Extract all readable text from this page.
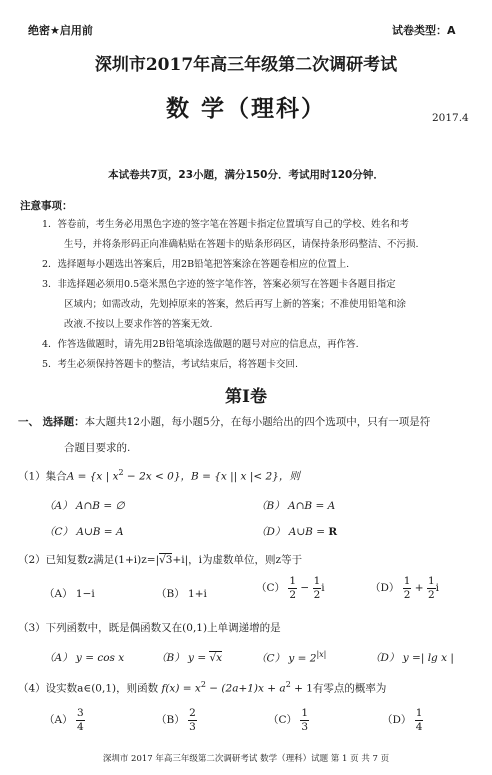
绝密★启用前	试卷类型：A
深圳市2017年高三年级第二次调研考试
数 学（理科）	2017.4
本试卷共7页，23小题，满分150分．考试用时120分钟．
注意事项：
1．答卷前，考生务必用黑色字迹的签字笔在答题卡指定位置填写自己的学校、姓名和考
生号，并将条形码正向准确粘贴在答题卡的贴条形码区，请保持条形码整洁、不污损.
2．选择题每小题选出答案后，用2B铅笔把答案涂在答题卷相应的位置上.
3．非选择题必须用0.5毫米黑色字迹的签字笔作答，答案必须写在答题卡各题目指定
区域内；如需改动，先划掉原来的答案，然后再写上新的答案；不准使用铅笔和涂
改液.不按以上要求作答的答案无效.
4．作答选做题时，请先用2B铅笔填涂选做题的题号对应的信息点，再作答.
5．考生必须保持答题卡的整洁，考试结束后，将答题卡交回.
第Ⅰ卷
一、 选择题：本大题共12小题，每小题5分，在每小题给出的四个选项中，只有一项是符
合题目要求的.
（1）集合A = {x | $x^2 - 2x < 0$}，B = {x || x |< 2}，则
（A） A∩B = ∅	（B） A∩B = A
（C） A∪B = A	（D） A∪B = R
（2）已知复数z满足(1+i)z=|√3+i|，i为虚数单位，则z等于
（A） 1−i	（B） 1+i	$(C) \frac{1}{2} - \frac{1}{2}$ i	$(D) \frac{1}{2} + \frac{1}{2}$ i
（3）下列函数中，既是偶函数又在(0,1)上单调递增的是
（A） y = cos x	（B） y = √x	（C） $y = 2^{|x|}$	（D） y =| lg x |
（4）设实数a∈(0,1)，则函数 $f(x) = x^2 - (2a+1)x + a^2 + 1$有零点的概率为
$(A) \frac{3}{4}$	$(B) \frac{2}{3}$	$(C) \frac{1}{3}$	$(D) \frac{1}{4}$
深圳市 2017 年高三年级第二次调研考试 数学（理科）试题 第 1 页 共 7 页
